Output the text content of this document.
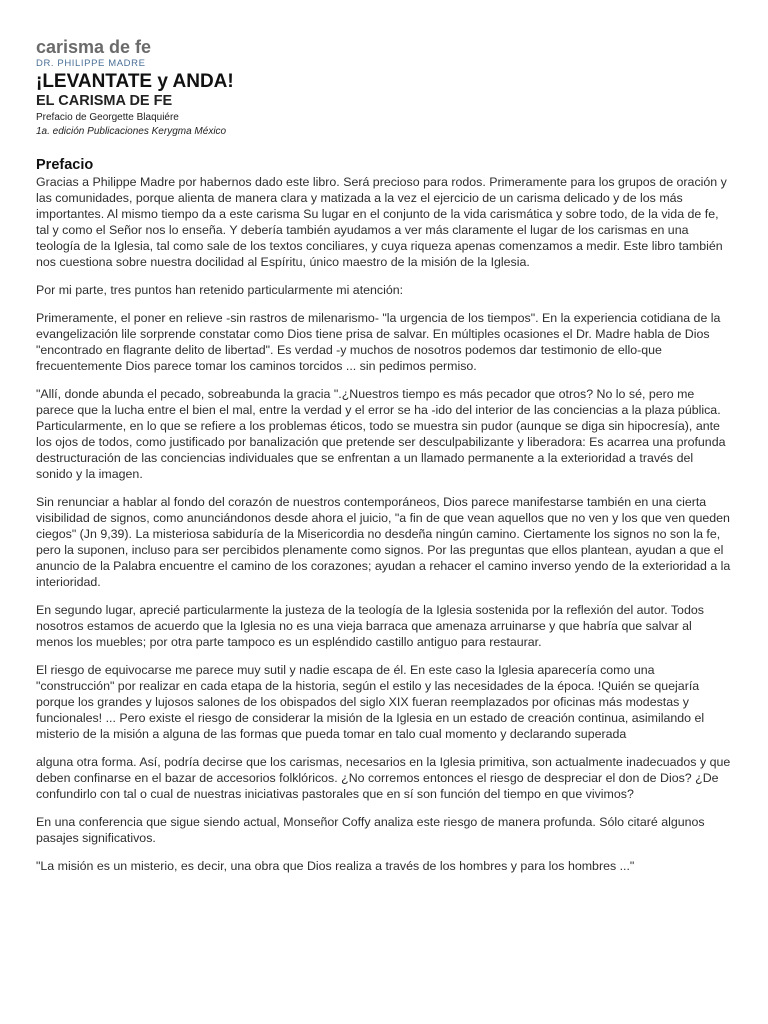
carisma de fe

DR. PHILIPPE MADRE

¡LEVANTATE y ANDA!
EL CARISMA DE FE

Prefacio de Georgette Blaquiére

1a. edición Publicaciones Kerygma México

Prefacio

Gracias a Philippe Madre por habernos dado este libro. Será precioso para rodos. Primeramente para los grupos de oración y las comunidades, porque alienta de manera clara y matizada a la vez el ejercicio de un carisma delicado y de los más importantes. Al mismo tiempo da a este carisma Su lugar en el conjunto de la vida carismática y sobre todo, de la vida de fe, tal y como el Señor nos lo enseña. Y debería también ayudamos a ver más claramente el lugar de los carismas en una teología de la Iglesia, tal como sale de los textos conciliares, y cuya riqueza apenas comenzamos a medir. Este libro también nos cuestiona sobre nuestra docilidad al Espíritu, único maestro de la misión de la Iglesia.

Por mi parte, tres puntos han retenido particularmente mi atención:

Primeramente, el poner en relieve -sin rastros de milenarismo- "la urgencia de los tiempos". En la experiencia cotidiana de la evangelización lile sorprende constatar como Dios tiene prisa de salvar. En múltiples ocasiones el Dr. Madre habla de Dios "encontrado en flagrante delito de libertad". Es verdad -y muchos de nosotros podemos dar testimonio de ello-que frecuentemente Dios parece tomar los caminos torcidos ... sin pedimos permiso.

"Allí, donde abunda el pecado, sobreabunda la gracia ".¿Nuestros tiempo es más pecador que otros? No lo sé, pero me parece que la lucha entre el bien el mal, entre la verdad y el error se ha -ido del interior de las conciencias a la plaza pública. Particularmente, en lo que se refiere a los problemas éticos, todo se muestra sin pudor (aunque se diga sin hipocresía), ante los ojos de todos, como justificado por banalización que pretende ser desculpabilizante y liberadora: Es acarrea una profunda destructuración de las conciencias individuales que se enfrentan a un llamado permanente a la exterioridad a través del sonido y la imagen.

Sin renunciar a hablar al fondo del corazón de nuestros contemporáneos, Dios parece manifestarse también en una cierta visibilidad de signos, como anunciándonos desde ahora el juicio, "a fin de que vean aquellos que no ven y los que ven queden ciegos" (Jn 9,39). La misteriosa sabiduría de la Misericordia no desdeña ningún camino. Ciertamente los signos no son la fe, pero la suponen, incluso para ser percibidos plenamente como signos. Por las preguntas que ellos plantean, ayudan a que el anuncio de la Palabra encuentre el camino de los corazones; ayudan a rehacer el camino inverso yendo de la exterioridad a la interioridad.

En segundo lugar, aprecié particularmente la justeza de la teología de la Iglesia sostenida por la reflexión del autor. Todos nosotros estamos de acuerdo que la Iglesia no es una vieja barraca que amenaza arruinarse y que habría que salvar al menos los muebles; por otra parte tampoco es un espléndido castillo antiguo para restaurar.

El riesgo de equivocarse me parece muy sutil y nadie escapa de él. En este caso la Iglesia aparecería como una "construcción" por realizar en cada etapa de la historia, según el estilo y las necesidades de la época. !Quién se quejaría porque los grandes y lujosos salones de los obispados del siglo XIX fueran reemplazados por oficinas más modestas y funcionales! ... Pero existe el riesgo de considerar la misión de la Iglesia en un estado de creación continua, asimilando el misterio de la misión a alguna de las formas que pueda tomar en talo cual momento y declarando superada

alguna otra forma. Así, podría decirse que los carismas, necesarios en la Iglesia primitiva, son actualmente inadecuados y que deben confinarse en el bazar de accesorios folklóricos. ¿No corremos entonces el riesgo de despreciar el don de Dios? ¿De confundirlo con tal o cual de nuestras iniciativas pastorales que en sí son función del tiempo en que vivimos?

En una conferencia que sigue siendo actual, Monseñor Coffy analiza este riesgo de manera profunda. Sólo citaré algunos pasajes significativos.

"La misión es un misterio, es decir, una obra que Dios realiza a través de los hombres y para los hombres ..."
